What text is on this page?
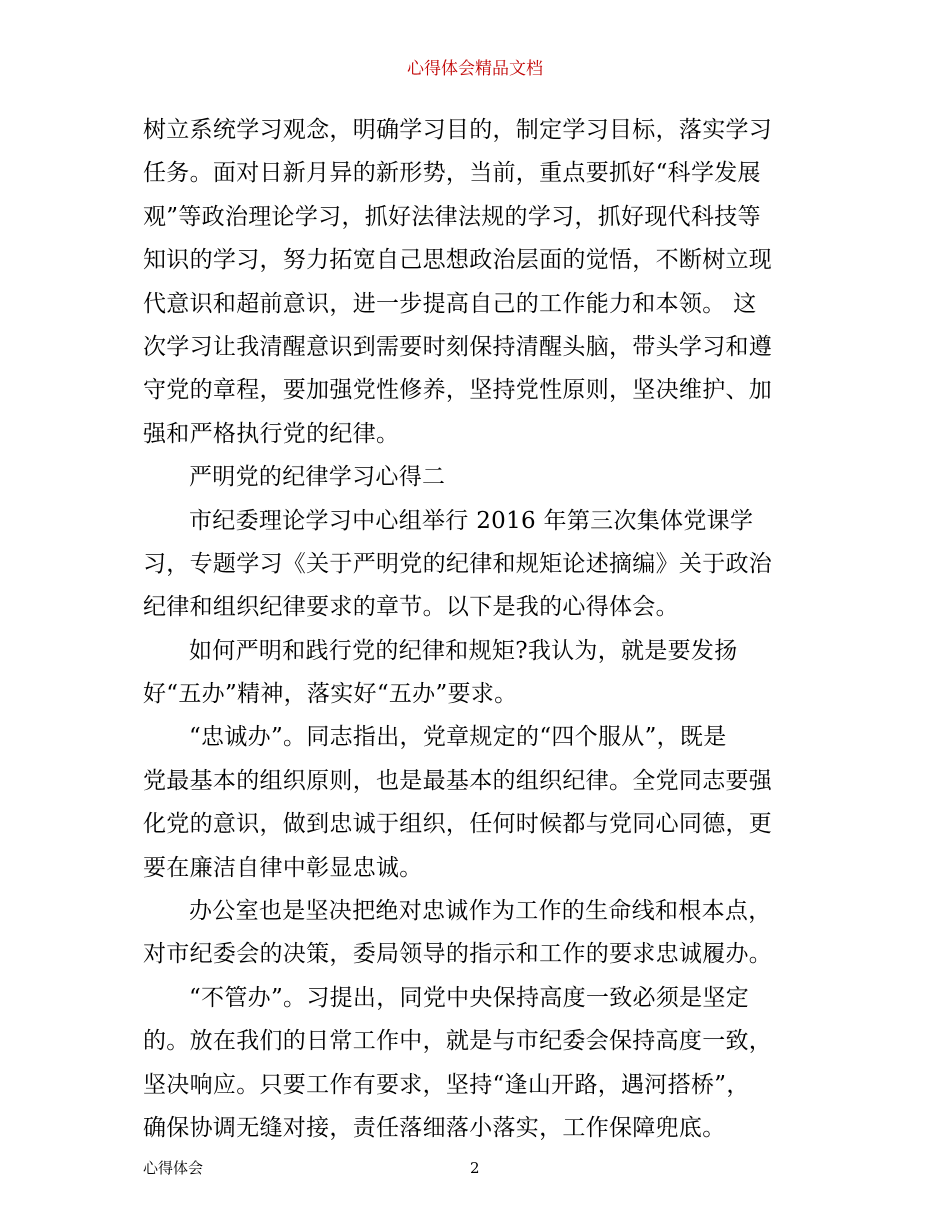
心得体会精品文档
树立系统学习观念，明确学习目的，制定学习目标，落实学习
任务。面对日新月异的新形势，当前，重点要抓好“科学发展
观”等政治理论学习，抓好法律法规的学习，抓好现代科技等
知识的学习，努力拓宽自己思想政治层面的觉悟，不断树立现
代意识和超前意识，进一步提高自己的工作能力和本领。 这
次学习让我清醒意识到需要时刻保持清醒头脑，带头学习和遵
守党的章程，要加强党性修养，坚持党性原则，坚决维护、加
强和严格执行党的纪律。
严明党的纪律学习心得二
市纪委理论学习中心组举行 2016 年第三次集体党课学
习，专题学习《关于严明党的纪律和规矩论述摘编》关于政治
纪律和组织纪律要求的章节。以下是我的心得体会。
如何严明和践行党的纪律和规矩?我认为，就是要发扬
好“五办”精神，落实好“五办”要求。
“忠诚办”。同志指出，党章规定的“四个服从”，既是
党最基本的组织原则，也是最基本的组织纪律。全党同志要强
化党的意识，做到忠诚于组织，任何时候都与党同心同德，更
要在廉洁自律中彰显忠诚。
办公室也是坚决把绝对忠诚作为工作的生命线和根本点，
对市纪委会的决策，委局领导的指示和工作的要求忠诚履办。
“不管办”。习提出，同党中央保持高度一致必须是坚定
的。放在我们的日常工作中，就是与市纪委会保持高度一致，
坚决响应。只要工作有要求，坚持“逢山开路，遇河搭桥”，
确保协调无缝对接，责任落细落小落实，工作保障兜底。
心得体会	2
